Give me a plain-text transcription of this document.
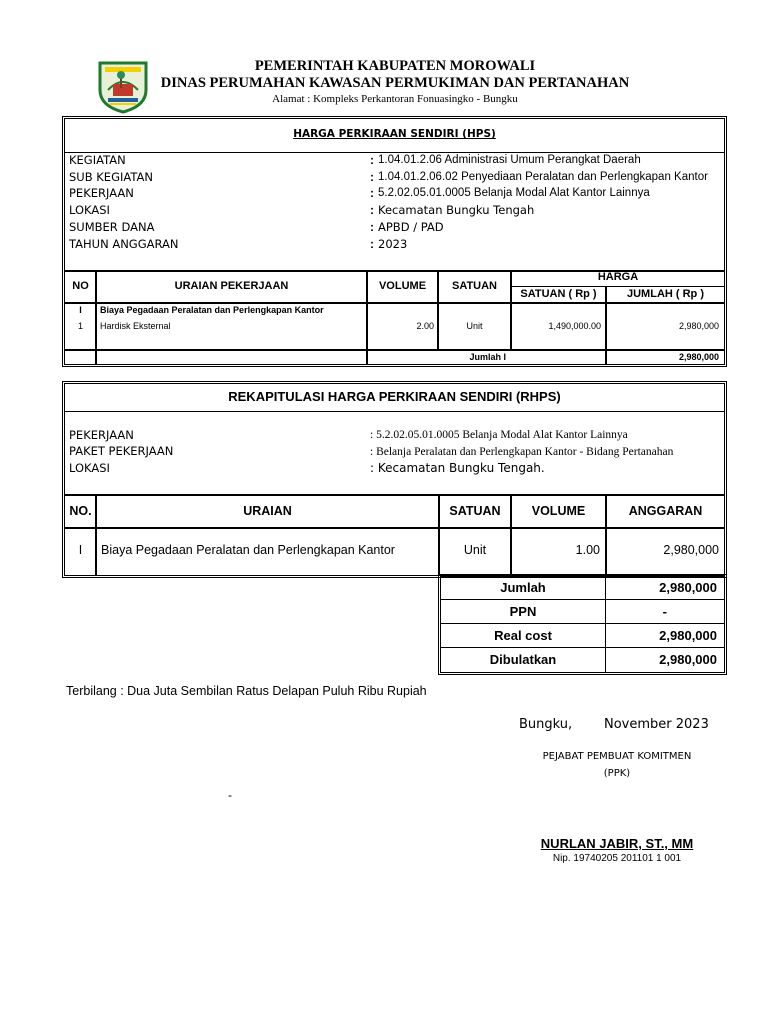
PEMERINTAH KABUPATEN MOROWALI
DINAS PERUMAHAN KAWASAN PERMUKIMAN DAN PERTANAHAN
Alamat : Kompleks Perkantoran Fonuasingko - Bungku
HARGA PERKIRAAN SENDIRI (HPS)
KEGIATAN	: 1.04.01.2.06 Administrasi Umum Perangkat Daerah
SUB KEGIATAN	: 1.04.01.2.06.02 Penyediaan Peralatan dan Perlengkapan Kantor
PEKERJAAN	: 5.2.02.05.01.0005 Belanja Modal Alat Kantor Lainnya
LOKASI	: Kecamatan Bungku Tengah
SUMBER DANA	: APBD / PAD
TAHUN ANGGARAN	: 2023
NO	URAIAN PEKERJAAN	VOLUME	SATUAN
HARGA
SATUAN ( Rp )	JUMLAH ( Rp )
I	Biaya Pegadaan Peralatan dan Perlengkapan Kantor
1	Hardisk Eksternal	2.00	Unit	1,490,000.00	2,980,000
Jumlah I	2,980,000
REKAPITULASI HARGA PERKIRAAN SENDIRI (RHPS)
PEKERJAAN	: 5.2.02.05.01.0005 Belanja Modal Alat Kantor Lainnya
PAKET PEKERJAAN	: Belanja Peralatan dan Perlengkapan Kantor - Bidang Pertanahan
LOKASI	: Kecamatan Bungku Tengah.
NO.	URAIAN	SATUAN	VOLUME	ANGGARAN
I	Biaya Pegadaan Peralatan dan Perlengkapan Kantor	Unit	1.00	2,980,000
Jumlah	2,980,000
PPN	-
Real cost	2,980,000
Dibulatkan	2,980,000
Terbilang : Dua Juta Sembilan Ratus Delapan Puluh Ribu Rupiah
Bungku, November 2023
PEJABAT PEMBUAT KOMITMEN
(PPK)
-
NURLAN JABIR, ST., MM
Nip. 19740205 201101 1 001
